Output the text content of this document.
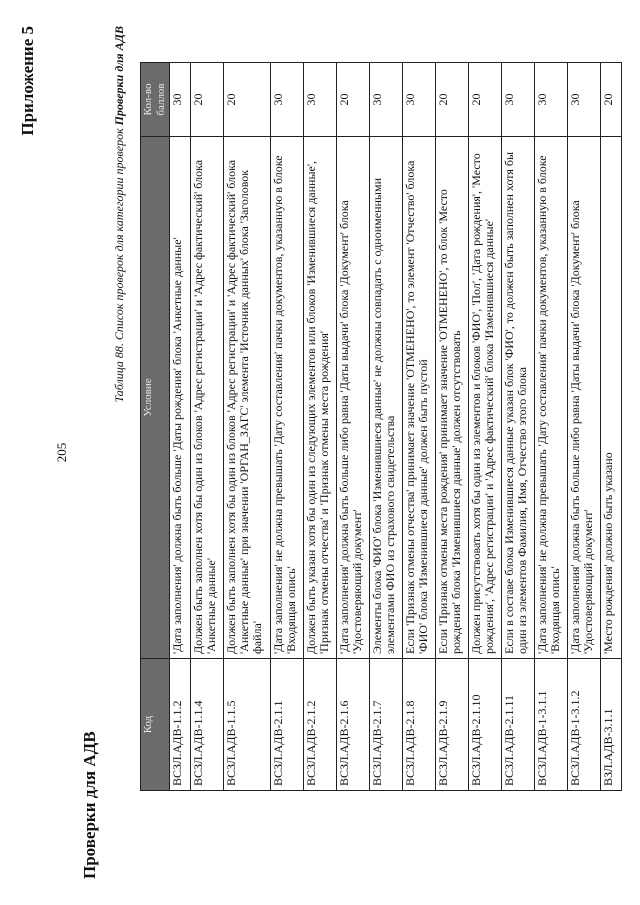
Приложение 5
205
Проверки для АДВ
Таблица 88. Список проверок для категории проверок Проверки для АДВ
Код	Условие	Кол-во баллов
ВСЗЛ.АДВ-1.1.2	'Дата заполнения' должна быть больше 'Даты рождения' блока 'Анкетные данные'	30
ВСЗЛ.АДВ-1.1.4	Должен быть заполнен хотя бы один из блоков 'Адрес регистрации' и 'Адрес фактический' блока 'Анкетные данные'	20
ВСЗЛ.АДВ-1.1.5	Должен быть заполнен хотя бы один из блоков 'Адрес регистрации' и 'Адрес фактический' блока 'Анкетные данные' при значении 'ОРГАН_ЗАГС' элемента 'Источник данных' блока 'Заголовок файла'	20
ВСЗЛ.АДВ-2.1.1	'Дата заполнения' не должна превышать 'Дату составления' пачки документов, указанную в блоке 'Входящая опись'	30
ВСЗЛ.АДВ-2.1.2	Должен быть указан хотя бы один из следующих элементов или блоков 'Изменившиеся данные', 'Признак отмены отчества' и 'Признак отмены места рождения'	30
ВСЗЛ.АДВ-2.1.6	'Дата заполнения' должна быть больше либо равна 'Даты выдачи' блока 'Документ' блока 'Удостоверяющий документ'	20
ВСЗЛ.АДВ-2.1.7	Элементы блока 'ФИО' блока 'Изменившиеся данные' не должны совпадать с одноименными элементами ФИО из страхового свидетельства	30
ВСЗЛ.АДВ-2.1.8	Если 'Признак отмены отчества' принимает значение 'ОТМЕНЕНО', то элемент 'Отчество' блока 'ФИО' блока 'Изменившиеся данные' должен быть пустой	30
ВСЗЛ.АДВ-2.1.9	Если 'Признак отмены места рождения' принимает значение 'ОТМЕНЕНО', то блок 'Место рождения' блока 'Изменившиеся данные' должен отсутствовать	20
ВСЗЛ.АДВ-2.1.10	Должен присутствовать хотя бы один из элементов и блоков 'ФИО', 'Пол', 'Дата рождения', 'Место рождения', 'Адрес регистрации' и 'Адрес фактический' блока 'Изменившиеся данные'	20
ВСЗЛ.АДВ-2.1.11	Если в составе блока Изменившиеся данные указан блок 'ФИО', то должен быть заполнен хотя бы один из элементов Фамилия, Имя, Отчество этого блока	30
ВСЗЛ.АДВ-1-3.1.1	'Дата заполнения' не должна превышать 'Дату составления' пачки документов, указанную в блоке 'Входящая опись'	30
ВСЗЛ.АДВ-1-3.1.2	'Дата заполнения' должна быть больше либо равна 'Даты выдачи' блока 'Документ' блока 'Удостоверяющий документ'	30
ВЗЛ.АДВ-3.1.1	'Место рождения' должно быть указано	20
